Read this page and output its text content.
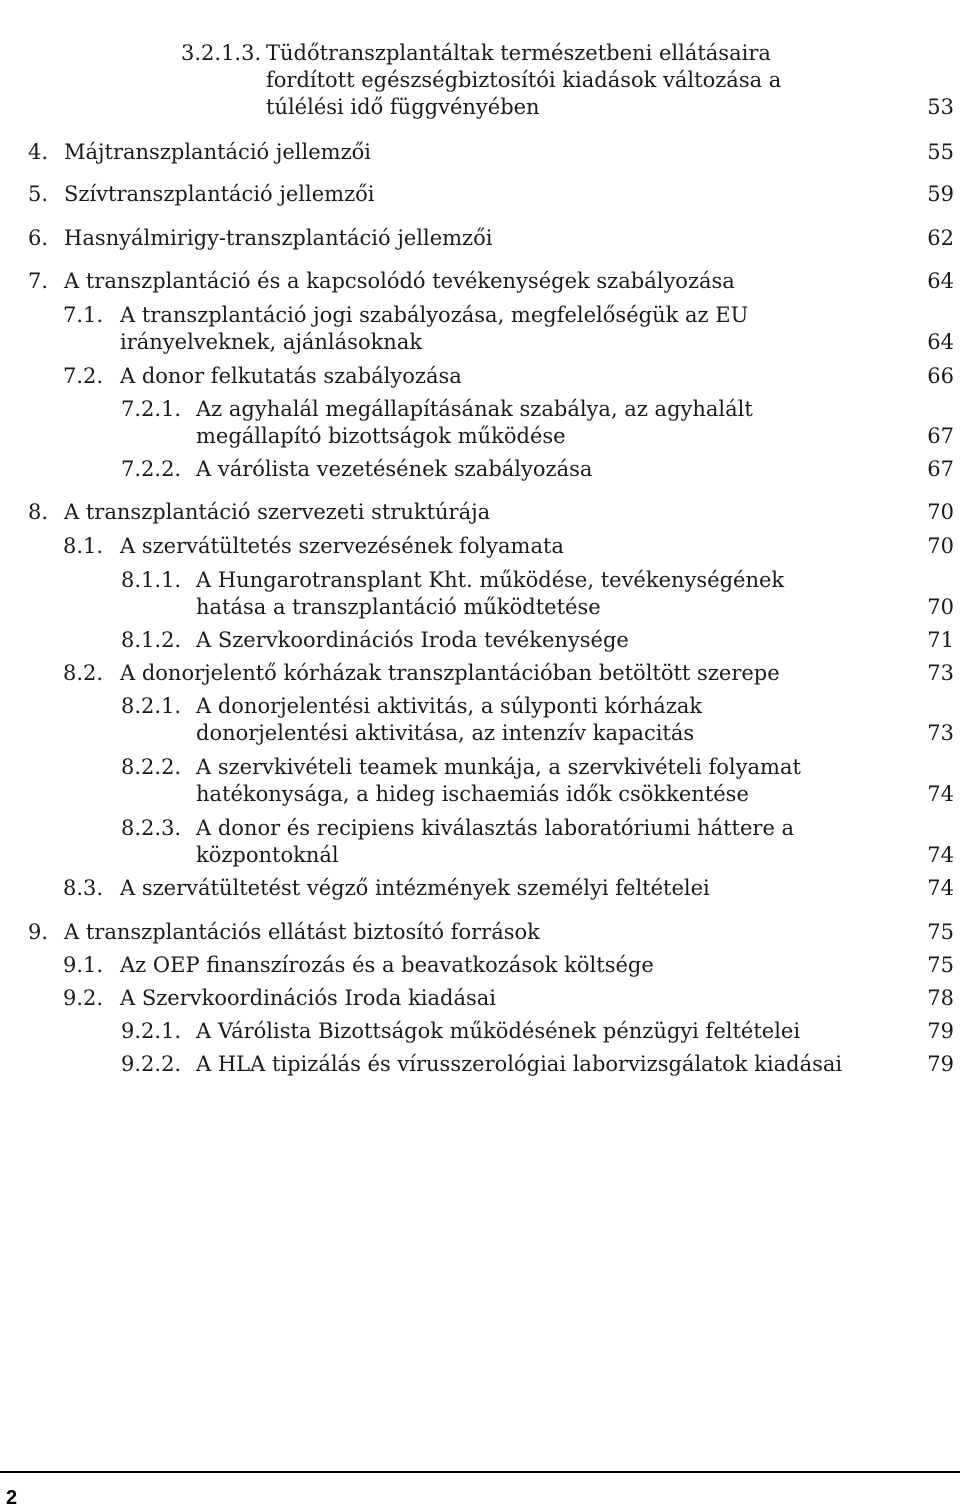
3.2.1.3. Tüdőtranszplantáltak természetbeni ellátásaira
fordított egészségbiztosítói kiadások változása a
túlélési idő függvényében	53
4. Májtranszplantáció jellemzői	55
5. Szívtranszplantáció jellemzői	59
6. Hasnyálmirigy-transzplantáció jellemzői	62
7. A transzplantáció és a kapcsolódó tevékenységek szabályozása	64
7.1. A transzplantáció jogi szabályozása, megfelelőségük az EU
irányelveknek, ajánlásoknak	64
7.2. A donor felkutatás szabályozása	66
7.2.1. Az agyhalál megállapításának szabálya, az agyhalált
megállapító bizottságok működése	67
7.2.2. A várólista vezetésének szabályozása	67
8. A transzplantáció szervezeti struktúrája	70
8.1. A szervátültetés szervezésének folyamata	70
8.1.1. A Hungarotransplant Kht. működése, tevékenységének
hatása a transzplantáció működtetése	70
8.1.2. A Szervkoordinációs Iroda tevékenysége	71
8.2. A donorjelentő kórházak transzplantációban betöltött szerepe	73
8.2.1. A donorjelentési aktivitás, a súlyponti kórházak
donorjelentési aktivitása, az intenzív kapacitás	73
8.2.2. A szervkivételi teamek munkája, a szervkivételi folyamat
hatékonysága, a hideg ischaemiás idők csökkentése	74
8.2.3. A donor és recipiens kiválasztás laboratóriumi háttere a
központoknál	74
8.3. A szervátültetést végző intézmények személyi feltételei	74
9. A transzplantációs ellátást biztosító források	75
9.1. Az OEP finanszírozás és a beavatkozások költsége	75
9.2. A Szervkoordinációs Iroda kiadásai	78
9.2.1. A Várólista Bizottságok működésének pénzügyi feltételei	79
9.2.2. A HLA tipizálás és vírusszerológiai laborvizsgálatok kiadásai	79
2
